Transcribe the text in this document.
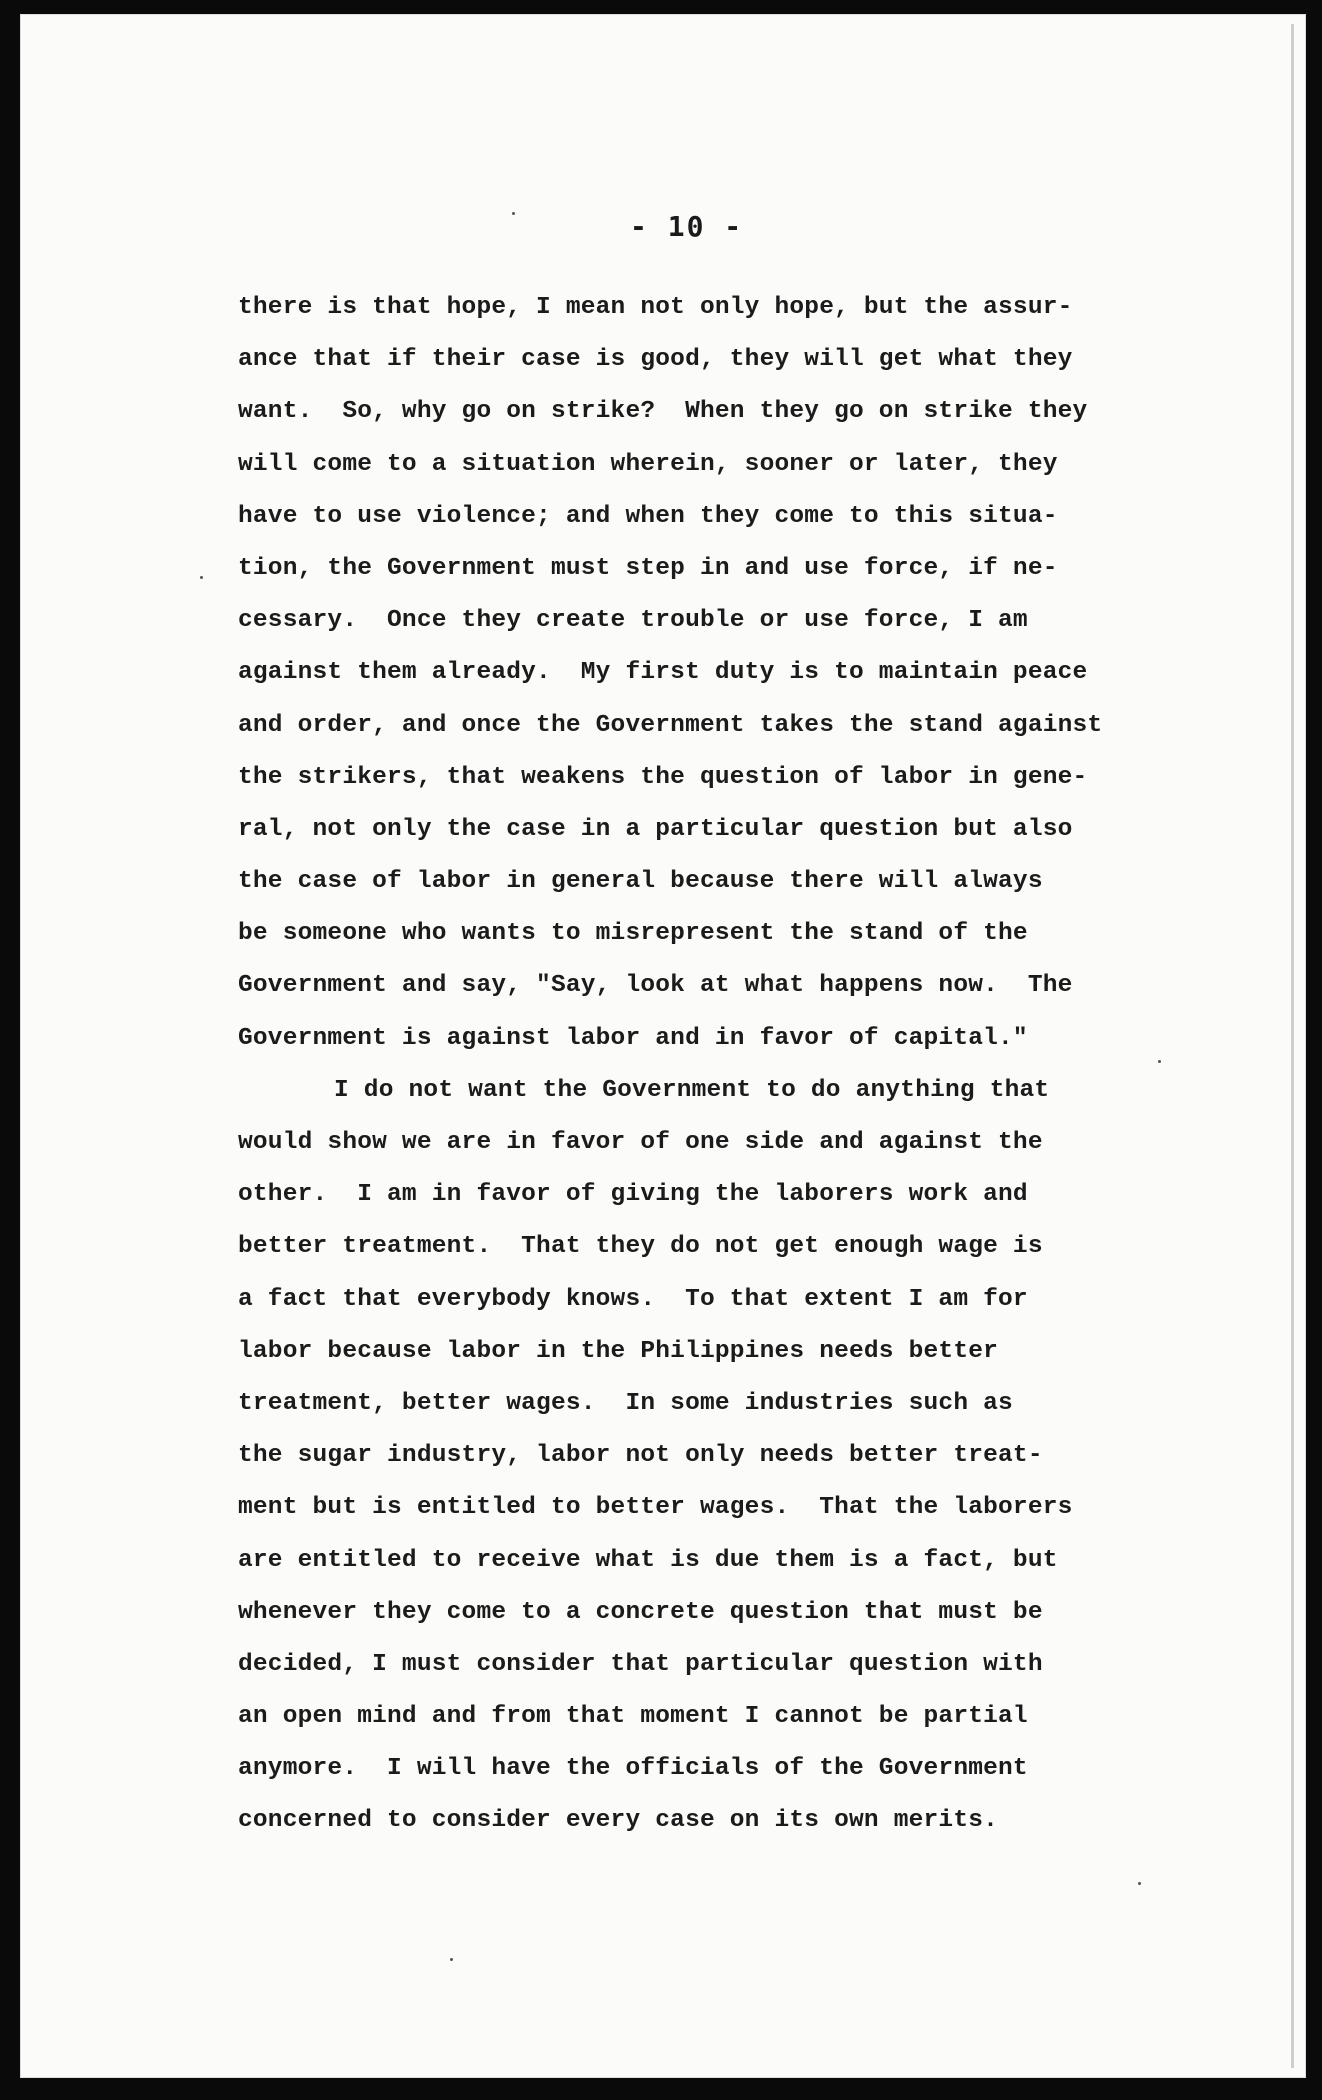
- 10 -
there is that hope, I mean not only hope, but the assur-
ance that if their case is good, they will get what they
want.  So, why go on strike?  When they go on strike they
will come to a situation wherein, sooner or later, they
have to use violence; and when they come to this situa-
tion, the Government must step in and use force, if ne-
cessary.  Once they create trouble or use force, I am
against them already.  My first duty is to maintain peace
and order, and once the Government takes the stand against
the strikers, that weakens the question of labor in gene-
ral, not only the case in a particular question but also
the case of labor in general because there will always
be someone who wants to misrepresent the stand of the
Government and say, "Say, look at what happens now.  The
Government is against labor and in favor of capital."
I do not want the Government to do anything that
would show we are in favor of one side and against the
other.  I am in favor of giving the laborers work and
better treatment.  That they do not get enough wage is
a fact that everybody knows.  To that extent I am for
labor because labor in the Philippines needs better
treatment, better wages.  In some industries such as
the sugar industry, labor not only needs better treat-
ment but is entitled to better wages.  That the laborers
are entitled to receive what is due them is a fact, but
whenever they come to a concrete question that must be
decided, I must consider that particular question with
an open mind and from that moment I cannot be partial
anymore.  I will have the officials of the Government
concerned to consider every case on its own merits.
